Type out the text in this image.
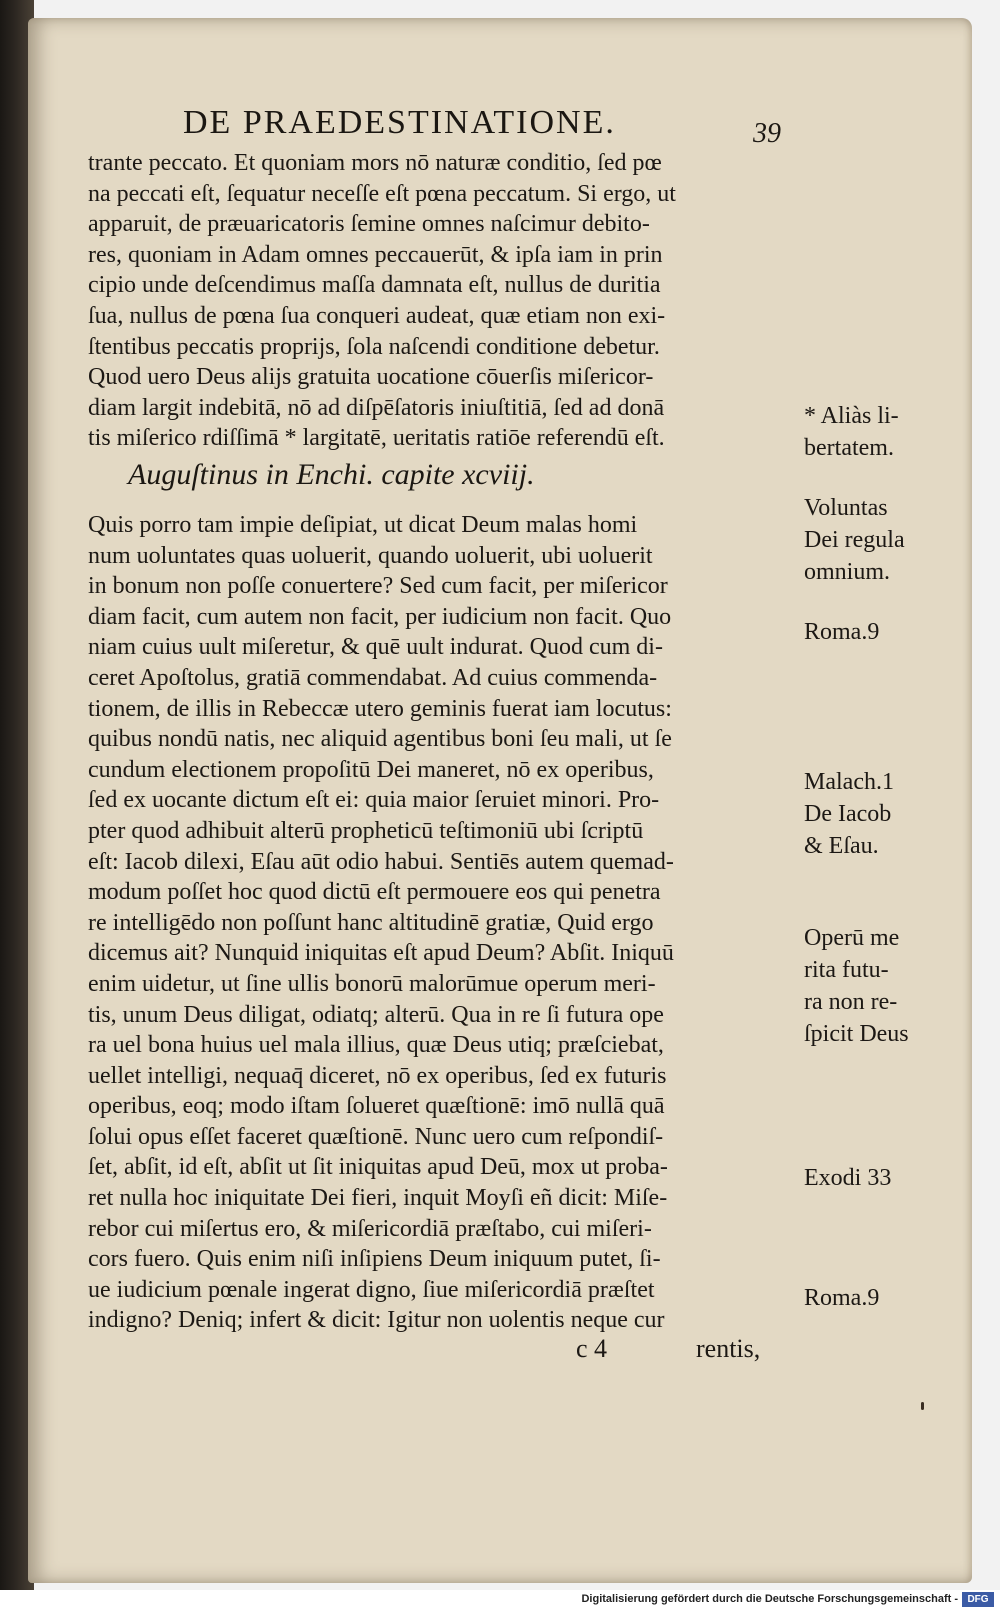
DE PRAEDESTINATIONE.	39
trante peccato. Et quoniam mors nō naturæ conditio, ſed pœ
na peccati eſt, ſequatur neceſſe eſt pœna peccatum. Si ergo, ut
apparuit, de præuaricatoris ſemine omnes naſcimur debito-
res, quoniam in Adam omnes peccauerūt, & ipſa iam in prin
cipio unde deſcendimus maſſa damnata eſt, nullus de duritia
ſua, nullus de pœna ſua conqueri audeat, quæ etiam non exi-
ſtentibus peccatis proprijs, ſola naſcendi conditione debetur.
Quod uero Deus alijs gratuita uocatione cōuerſis miſericor-
diam largit indebitā, nō ad diſpēſatoris iniuſtitiā, ſed ad donā
tis miſerico rdiſſimā * largitatē, ueritatis ratiōe referendū eſt.
Auguſtinus in Enchi. capite xcviij.
Quis porro tam impie deſipiat, ut dicat Deum malas homi
num uoluntates quas uoluerit, quando uoluerit, ubi uoluerit
in bonum non poſſe conuertere? Sed cum facit, per miſericor
diam facit, cum autem non facit, per iudicium non facit. Quo
niam cuius uult miſeretur, & quē uult indurat. Quod cum di-
ceret Apoſtolus, gratiā commendabat. Ad cuius commenda-
tionem, de illis in Rebeccæ utero geminis fuerat iam locutus:
quibus nondū natis, nec aliquid agentibus boni ſeu mali, ut ſe
cundum electionem propoſitū Dei maneret, nō ex operibus,
ſed ex uocante dictum eſt ei: quia maior ſeruiet minori. Pro-
pter quod adhibuit alterū propheticū teſtimoniū ubi ſcriptū
eſt: Iacob dilexi, Eſau aūt odio habui. Sentiēs autem quemad-
modum poſſet hoc quod dictū eſt permouere eos qui penetra
re intelligēdo non poſſunt hanc altitudinē gratiæ, Quid ergo
dicemus ait? Nunquid iniquitas eſt apud Deum? Abſit. Iniquū
enim uidetur, ut ſine ullis bonorū malorūmue operum meri-
tis, unum Deus diligat, odiatq; alterū. Qua in re ſi futura ope
ra uel bona huius uel mala illius, quæ Deus utiq; præſciebat,
uellet intelligi, nequaq̄ diceret, nō ex operibus, ſed ex futuris
operibus, eoq; modo iſtam ſolueret quæſtionē: imō nullā quā
ſolui opus eſſet faceret quæſtionē. Nunc uero cum reſpondiſ-
ſet, abſit, id eſt, abſit ut ſit iniquitas apud Deū, mox ut proba-
ret nulla hoc iniquitate Dei fieri, inquit Moyſi eñ dicit: Miſe-
rebor cui miſertus ero, & miſericordiā præſtabo, cui miſeri-
cors fuero. Quis enim niſi inſipiens Deum iniquum putet, ſi-
ue iudicium pœnale ingerat digno, ſiue miſericordiā præſtet
indigno? Deniq; infert & dicit: Igitur non uolentis neque cur
* Aliàs li-
bertatem.
Voluntas
Dei regula
omnium.
Roma.9
Malach.1
De Iacob
& Eſau.
Operū me
rita futu-
ra non re-
ſpicit Deus
Exodi 33
Roma.9
c 4	rentis,
Digitalisierung gefördert durch die Deutsche Forschungsgemeinschaft - DFG
